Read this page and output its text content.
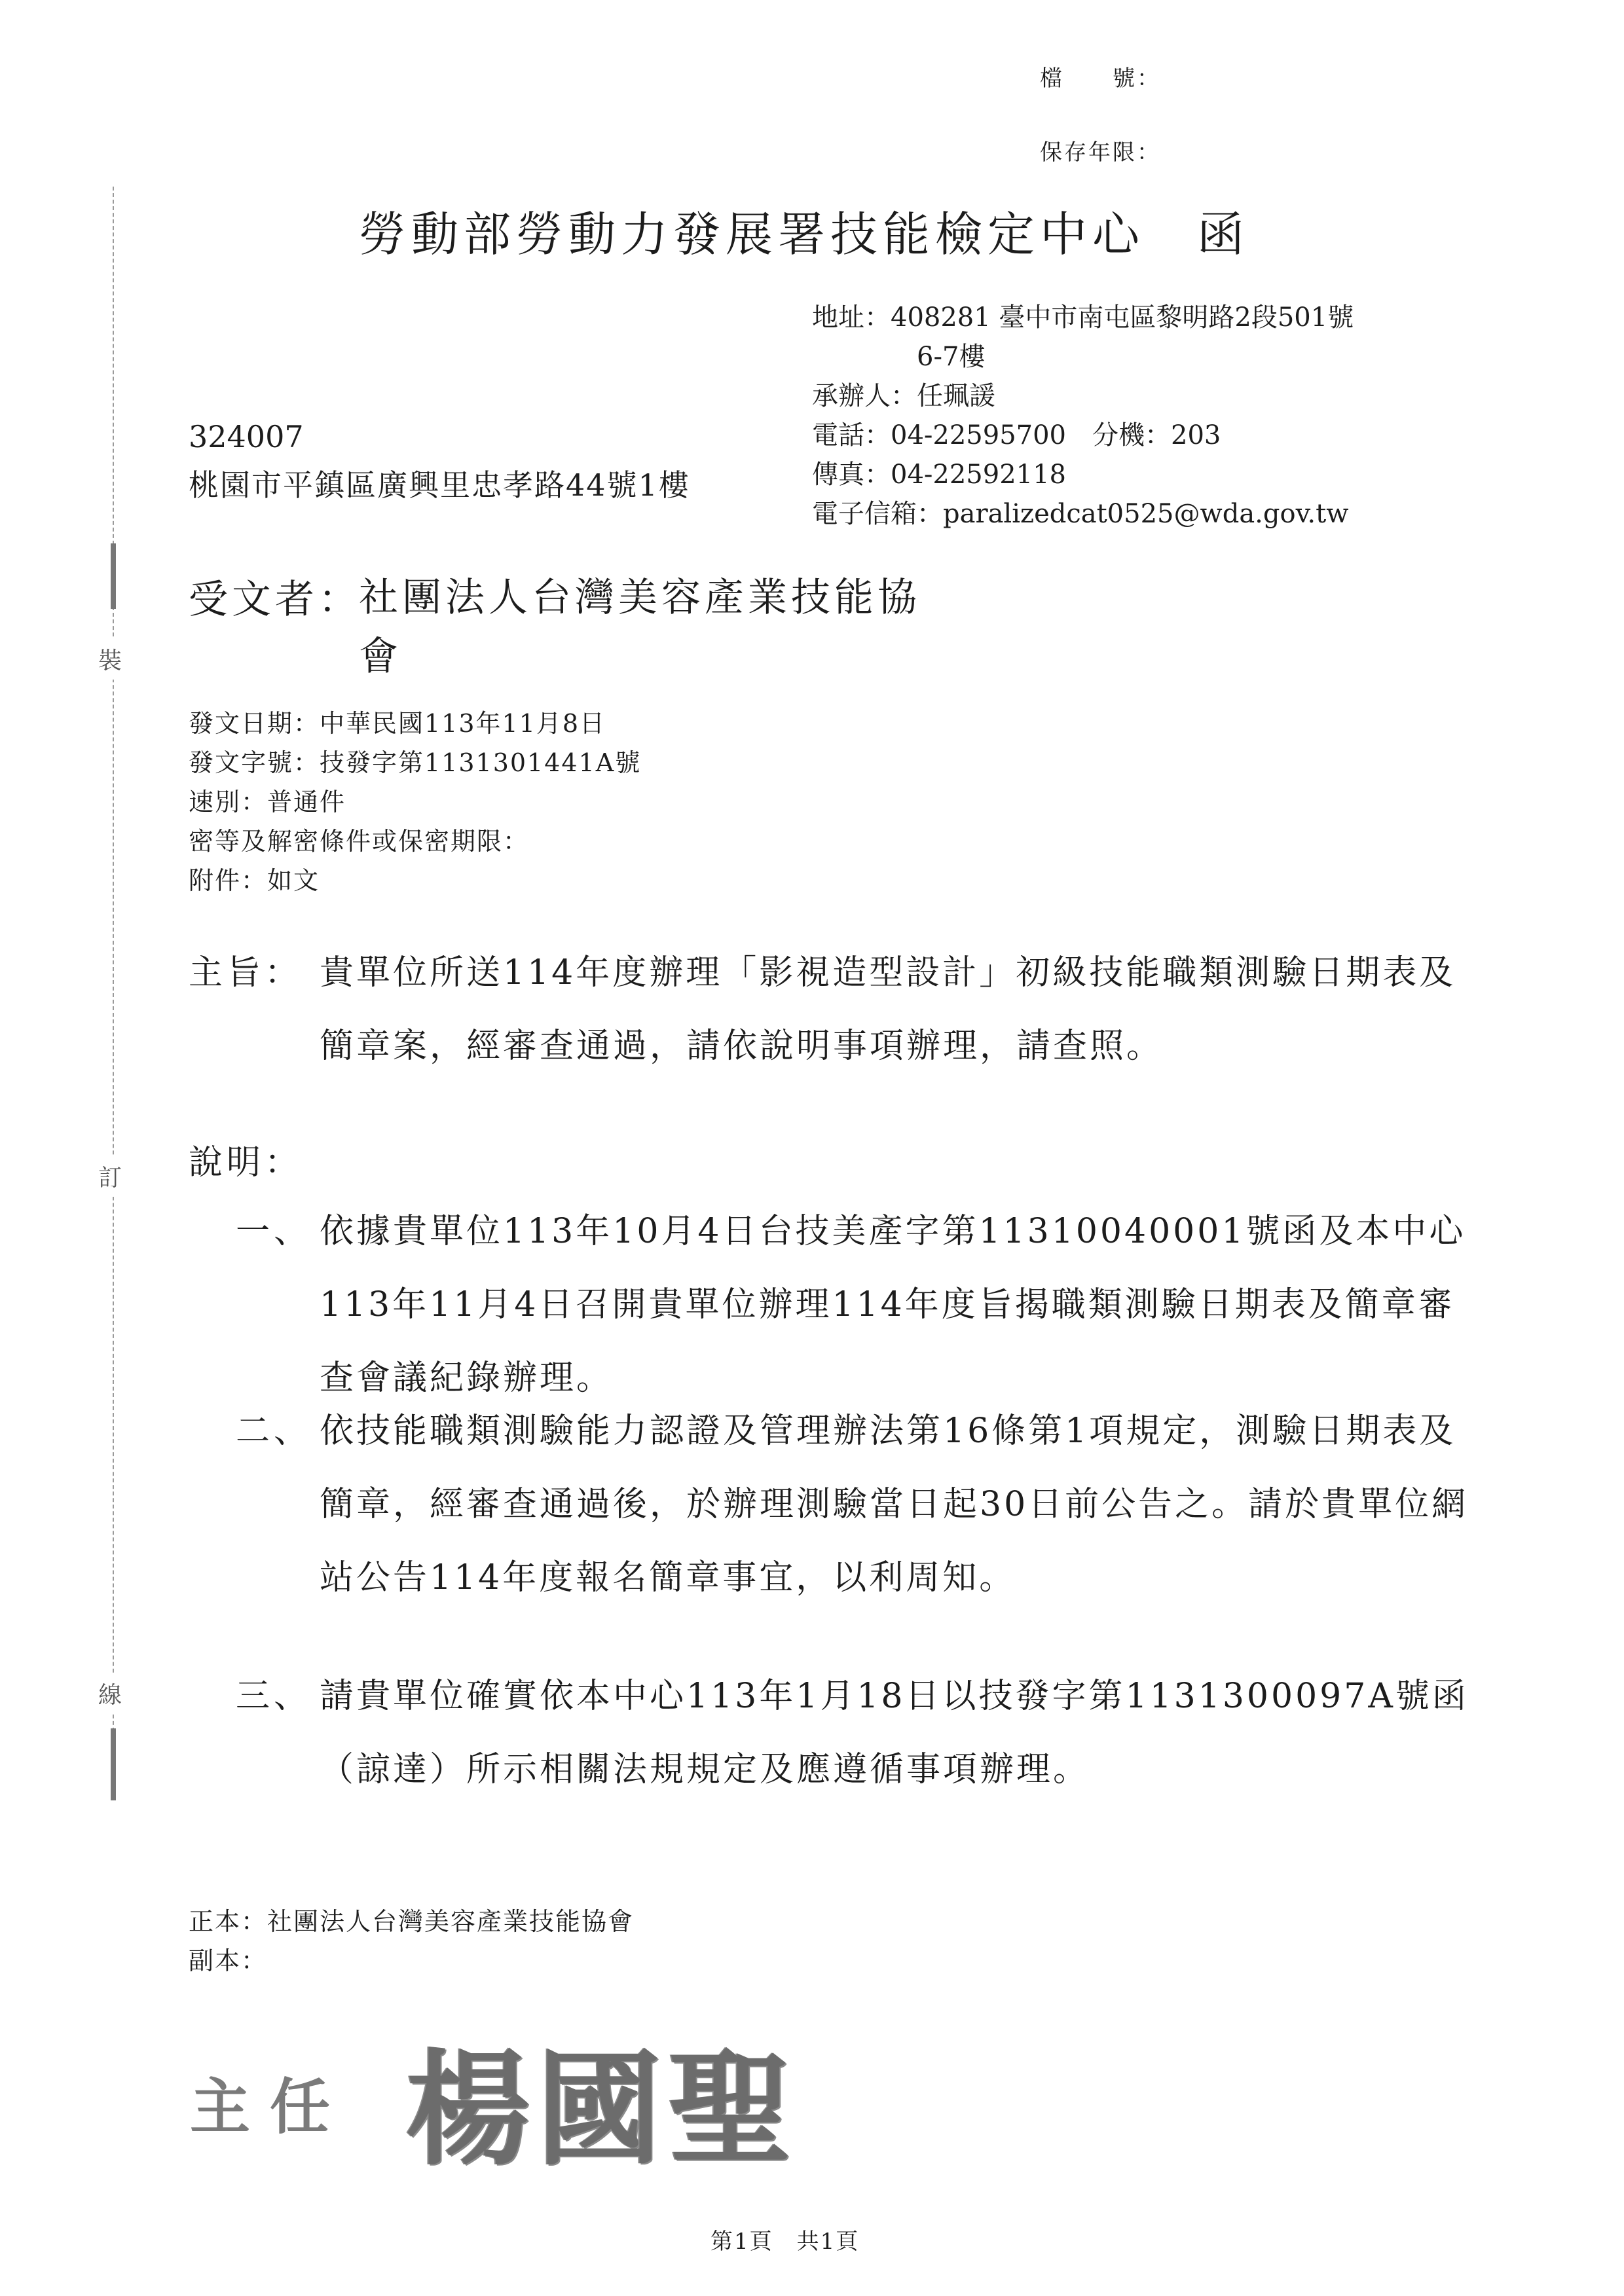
裝
訂
線
檔　　號：
保存年限：
勞動部勞動力發展署技能檢定中心　函
地址：408281 臺中市南屯區黎明路2段501號
6-7樓
承辦人：任珮諼
電話：04-22595700　分機：203
傳真：04-22592118
電子信箱：paralizedcat0525@wda.gov.tw
324007
桃園市平鎮區廣興里忠孝路44號1樓
受文者：
社團法人台灣美容產業技能協會
發文日期：中華民國113年11月8日
發文字號：技發字第1131301441A號
速別：普通件
密等及解密條件或保密期限：
附件：如文
主旨： 貴單位所送114年度辦理「影視造型設計」初級技能職類測驗日期表及簡章案，經審查通過，請依說明事項辦理，請查照。
說明：
一、 依據貴單位113年10月4日台技美產字第11310040001號函及本中心113年11月4日召開貴單位辦理114年度旨揭職類測驗日期表及簡章審查會議紀錄辦理。
二、 依技能職類測驗能力認證及管理辦法第16條第1項規定，測驗日期表及簡章，經審查通過後，於辦理測驗當日起30日前公告之。請於貴單位網站公告114年度報名簡章事宜，以利周知。
三、 請貴單位確實依本中心113年1月18日以技發字第1131300097A號函（諒達）所示相關法規規定及應遵循事項辦理。
正本：社團法人台灣美容產業技能協會
副本：
主任 楊國聖
第1頁　共1頁
